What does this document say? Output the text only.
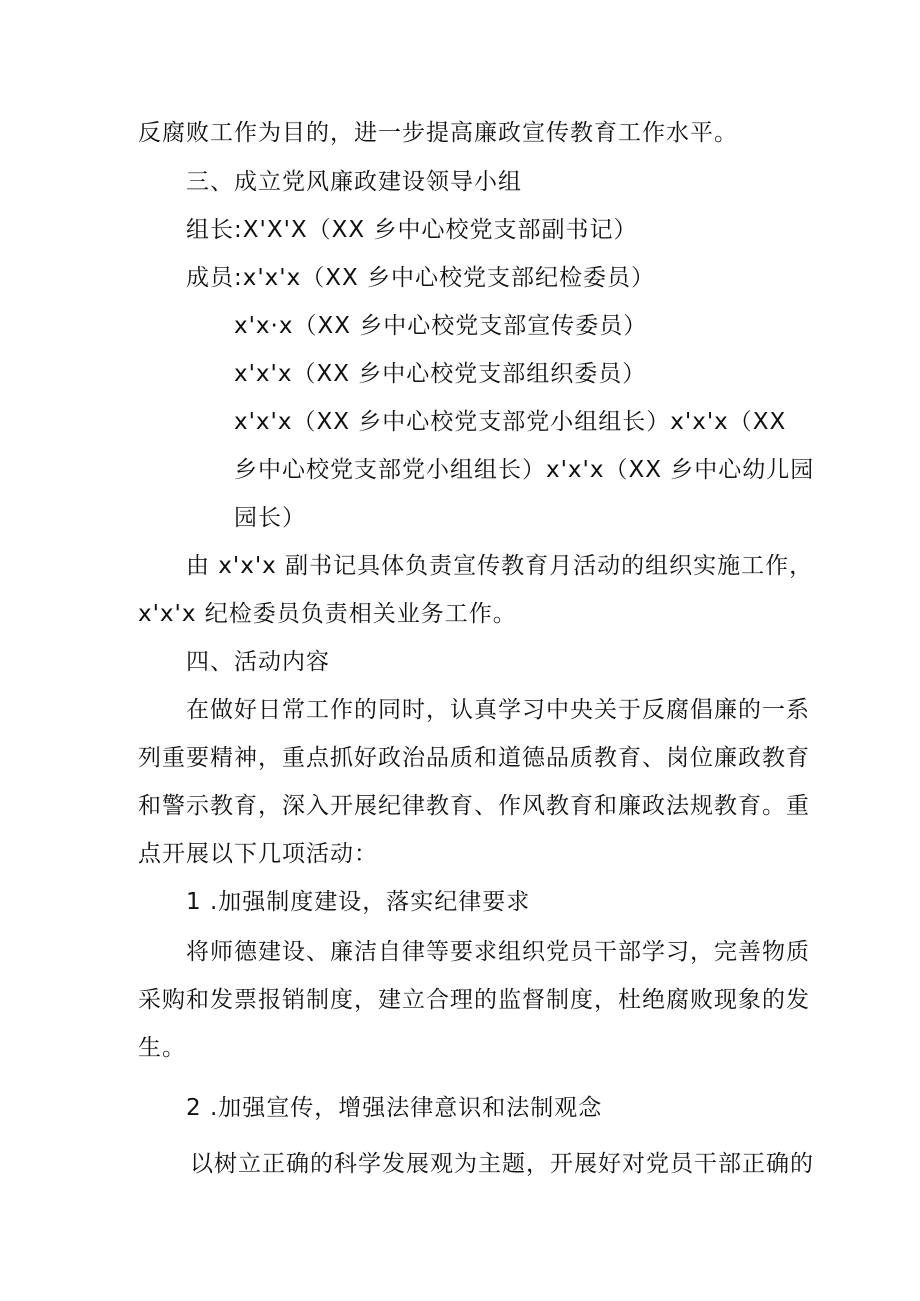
反腐败工作为目的，进一步提高廉政宣传教育工作水平。
三、成立党风廉政建设领导小组
组长:X'X'X（XX 乡中心校党支部副书记）
成员:x'x'x（XX 乡中心校党支部纪检委员）
x'x·x（XX 乡中心校党支部宣传委员）
x'x'x（XX 乡中心校党支部组织委员）
x'x'x（XX 乡中心校党支部党小组组长）x'x'x（XX
乡中心校党支部党小组组长）x'x'x（XX 乡中心幼儿园
园长）
由 x'x'x 副书记具体负责宣传教育月活动的组织实施工作，
x'x'x 纪检委员负责相关业务工作。
四、活动内容
在做好日常工作的同时，认真学习中央关于反腐倡廉的一系
列重要精神，重点抓好政治品质和道德品质教育、岗位廉政教育
和警示教育，深入开展纪律教育、作风教育和廉政法规教育。重
点开展以下几项活动：
1 .加强制度建设，落实纪律要求
将师德建设、廉洁自律等要求组织党员干部学习，完善物质
采购和发票报销制度，建立合理的监督制度，杜绝腐败现象的发
生。
2 .加强宣传，增强法律意识和法制观念
以树立正确的科学发展观为主题，开展好对党员干部正确的
